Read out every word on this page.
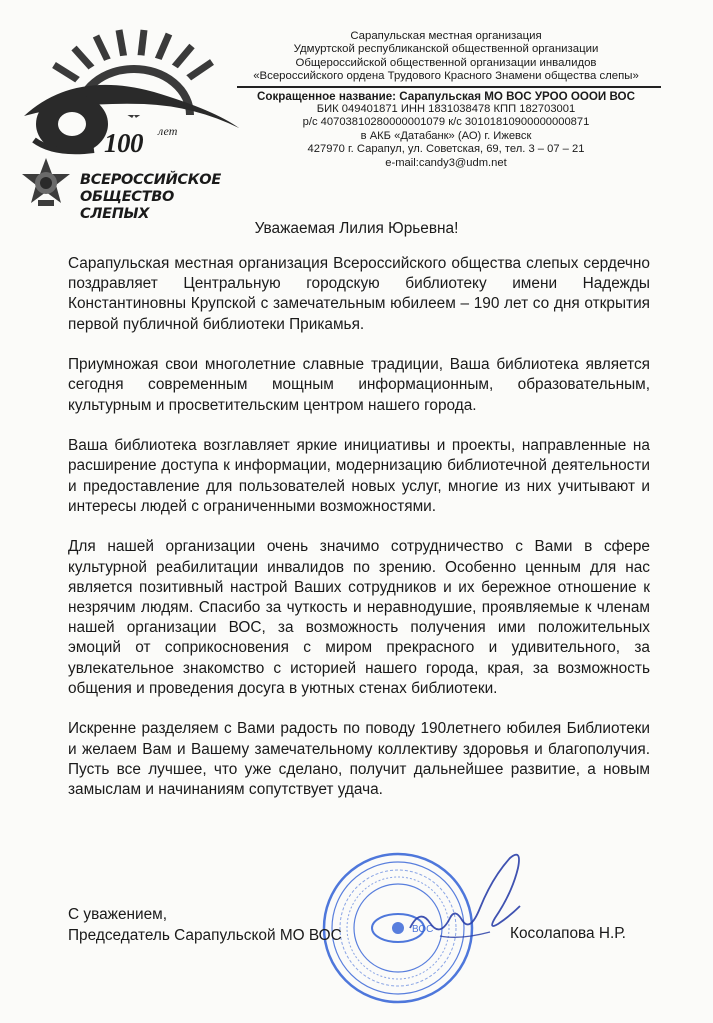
лет
100
ВСЕРОССИЙСКОЕ
ОБЩЕСТВО
СЛЕПЫХ
Сарапульская местная организация
Удмуртской республиканской общественной организации
Общероссийской общественной организации инвалидов
«Всероссийского ордена Трудового Красного Знамени общества слепы»
Сокращенное название: Сарапульская МО ВОС УРОО ОООИ ВОС
БИК 049401871 ИНН 1831038478 КПП 182703001
р/с 40703810280000001079 к/с 30101810900000000871
в АКБ «Датабанк» (АО) г. Ижевск
427970 г. Сарапул, ул. Советская, 69, тел. 3 – 07 – 21
e-mail:candy3@udm.net
Уважаемая Лилия Юрьевна!

Сарапульская местная организация Всероссийского общества слепых сердечно поздравляет Центральную городскую библиотеку имени Надежды Константиновны Крупской с замечательным юбилеем – 190 лет со дня открытия первой публичной библиотеки Прикамья.

Приумножая свои многолетние славные традиции, Ваша библиотека является сегодня современным мощным информационным, образовательным, культурным и просветительским центром нашего города.

Ваша библиотека возглавляет яркие инициативы и проекты, направленные на расширение доступа к информации, модернизацию библиотечной деятельности и предоставление для пользователей новых услуг, многие из них учитывают и интересы людей с ограниченными возможностями.

Для нашей организации очень значимо сотрудничество с Вами в сфере культурной реабилитации инвалидов по зрению. Особенно ценным для нас является позитивный настрой Ваших сотрудников и их бережное отношение к незрячим людям. Спасибо за чуткость и неравнодушие, проявляемые к членам нашей организации ВОС, за возможность получения ими положительных эмоций от соприкосновения с миром прекрасного и удивительного, за увлекательное знакомство с историей нашего города, края, за возможность общения и проведения досуга в уютных стенах библиотеки.

Искренне разделяем с Вами радость по поводу 190летнего юбилея Библиотеки и желаем Вам и Вашему замечательному коллективу здоровья и благополучия. Пусть все лучшее, что уже сделано, получит дальнейшее развитие, а новым замыслам и начинаниям сопутствует удача.

ВОС
С уважением,
Председатель Сарапульской МО ВОС	Косолапова Н.Р.
